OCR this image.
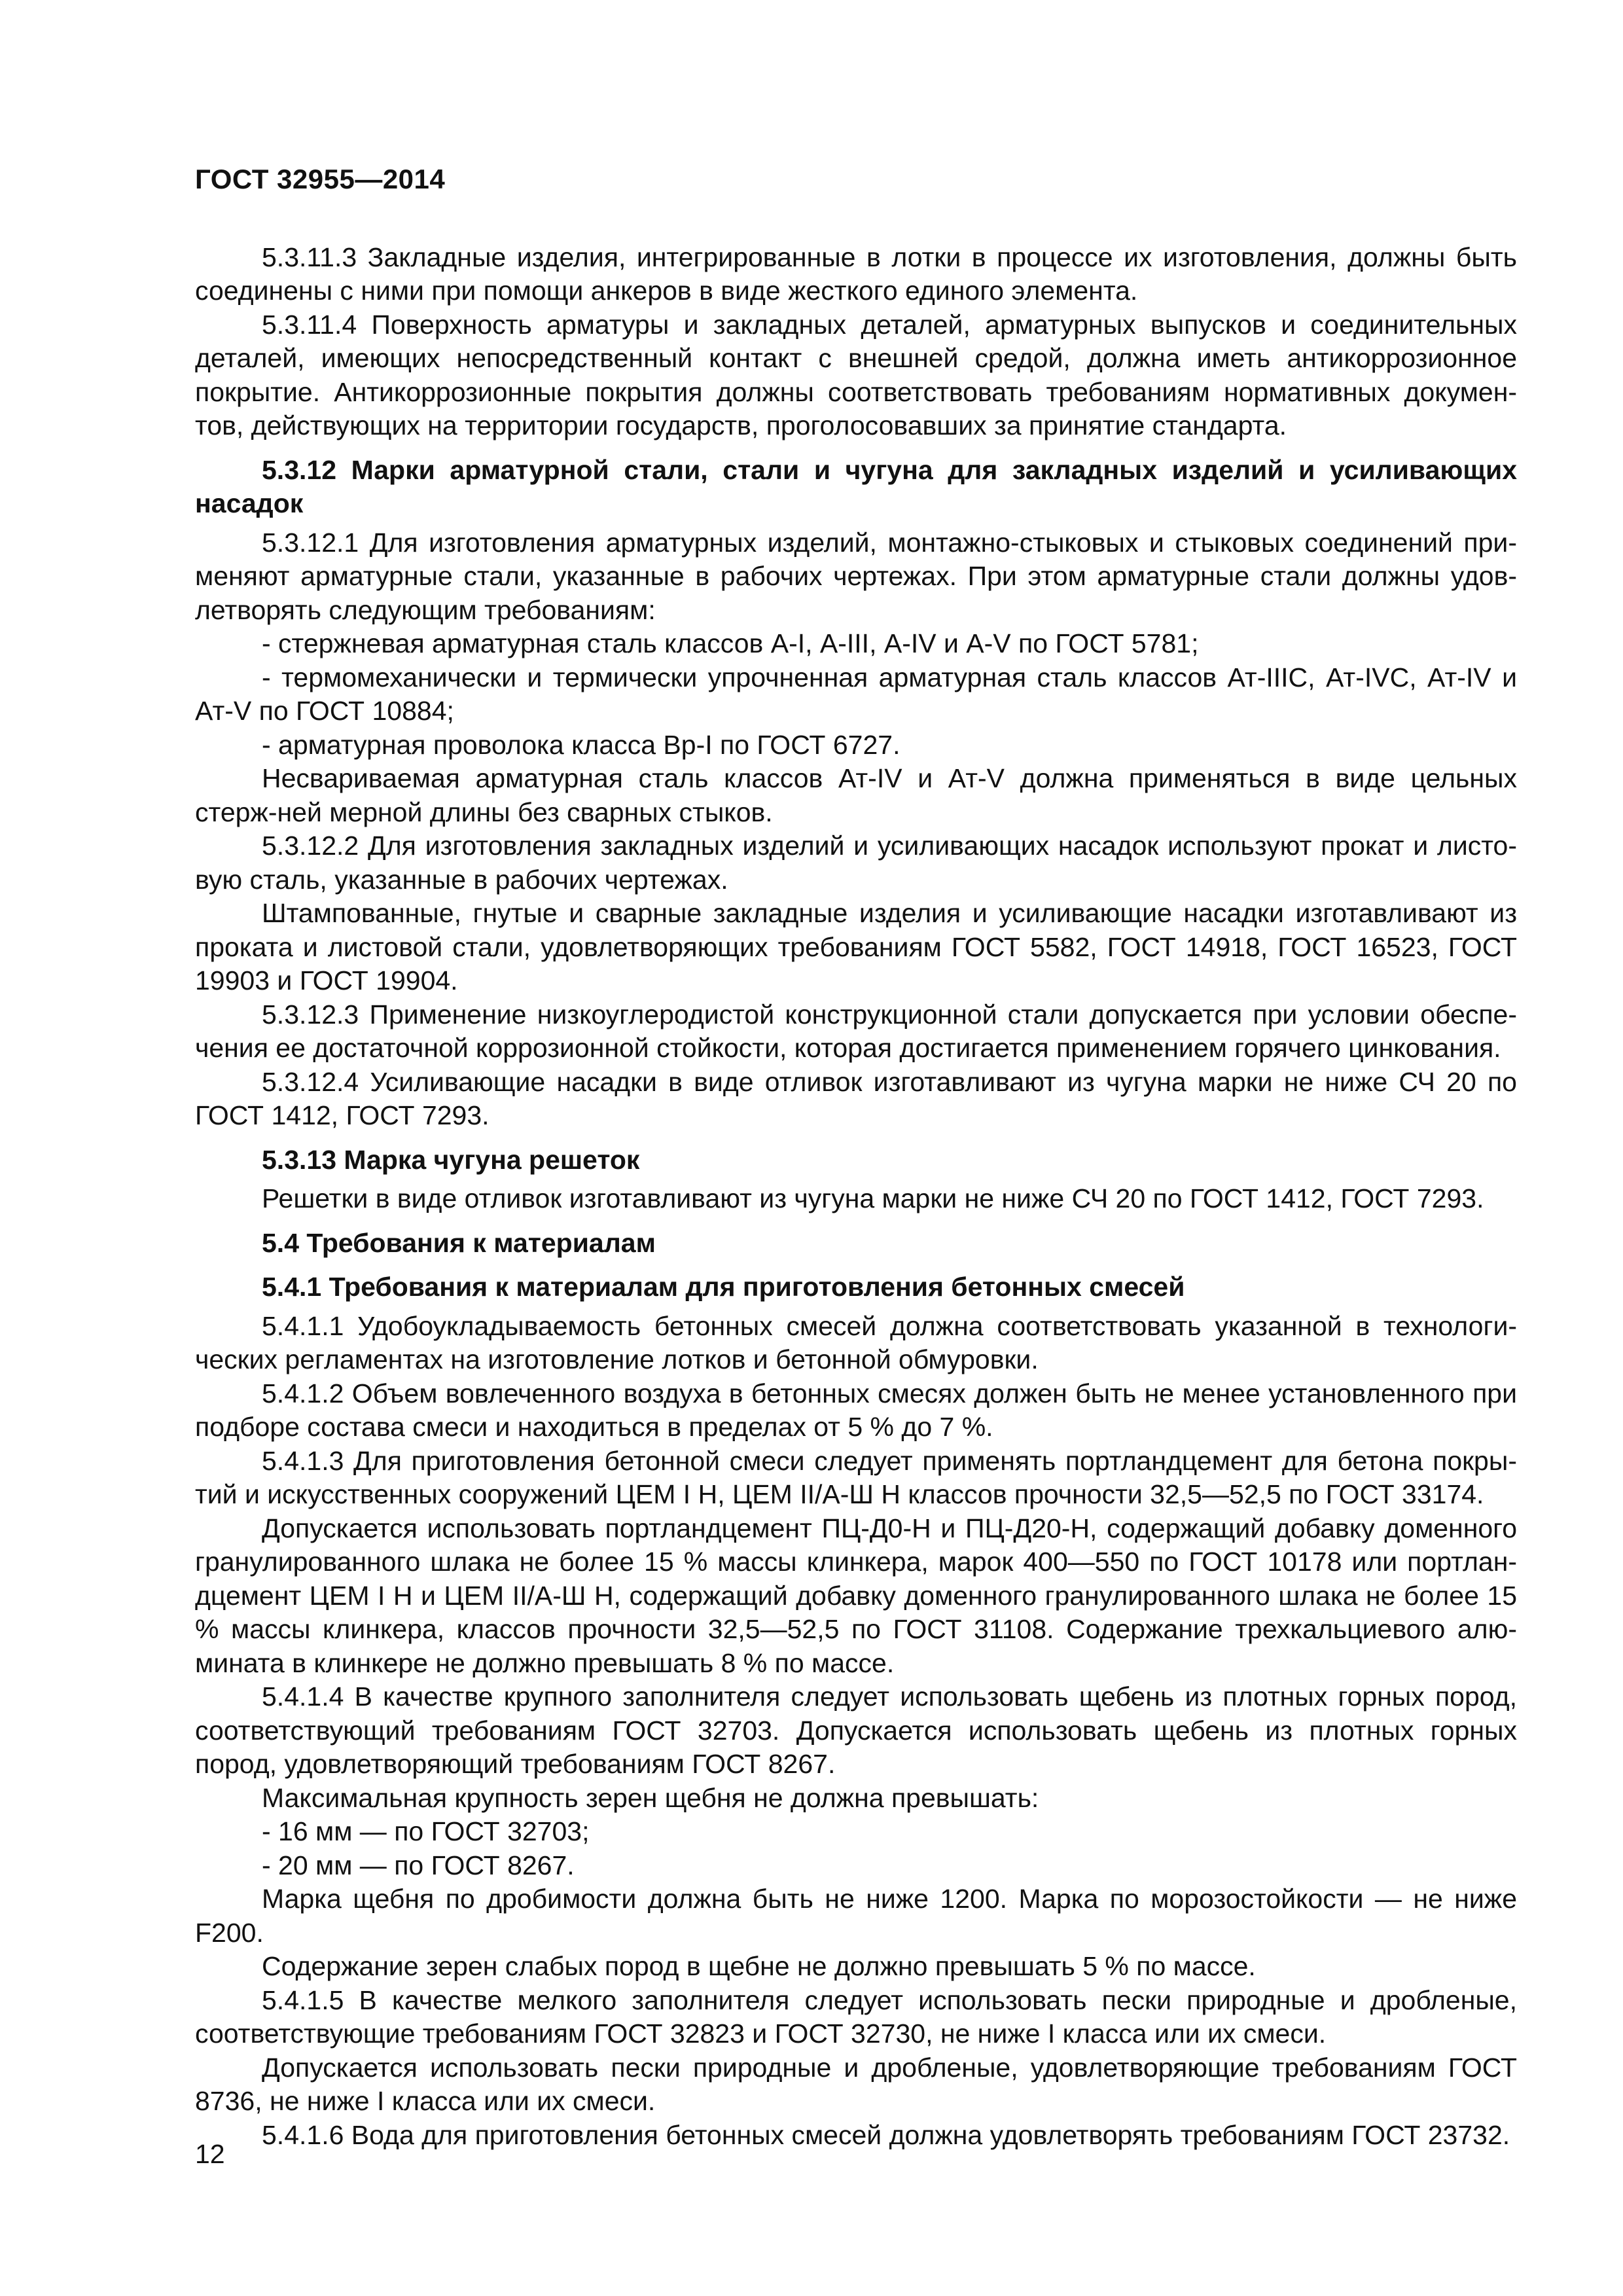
ГОСТ 32955—2014

5.3.11.3 Закладные изделия, интегрированные в лотки в процессе их изготовления, должны быть соединены с ними при помощи анкеров в виде жесткого единого элемента.

5.3.11.4 Поверхность арматуры и закладных деталей, арматурных выпусков и соединительных деталей, имеющих непосредственный контакт с внешней средой, должна иметь антикоррозионное покрытие. Антикоррозионные покрытия должны соответствовать требованиям нормативных докумен-тов, действующих на территории государств, проголосовавших за принятие стандарта.

5.3.12 Марки арматурной стали, стали и чугуна для закладных изделий и усиливающих насадок

5.3.12.1 Для изготовления арматурных изделий, монтажно-стыковых и стыковых соединений при-меняют арматурные стали, указанные в рабочих чертежах. При этом арматурные стали должны удов-летворять следующим требованиям:

- стержневая арматурная сталь классов А-I, А-III, А-IV и А-V по ГОСТ 5781;

- термомеханически и термически упрочненная арматурная сталь классов Ат-IIIС, Ат-IVС, Ат-IV и Ат-V по ГОСТ 10884;

- арматурная проволока класса Вр-I по ГОСТ 6727.

Несвариваемая арматурная сталь классов Ат-IV и Ат-V должна применяться в виде цельных стерж-ней мерной длины без сварных стыков.

5.3.12.2 Для изготовления закладных изделий и усиливающих насадок используют прокат и листо-вую сталь, указанные в рабочих чертежах.

Штампованные, гнутые и сварные закладные изделия и усиливающие насадки изготавливают из проката и листовой стали, удовлетворяющих требованиям ГОСТ 5582, ГОСТ 14918, ГОСТ 16523, ГОСТ 19903 и ГОСТ 19904.

5.3.12.3 Применение низкоуглеродистой конструкционной стали допускается при условии обеспе-чения ее достаточной коррозионной стойкости, которая достигается применением горячего цинкования.

5.3.12.4 Усиливающие насадки в виде отливок изготавливают из чугуна марки не ниже СЧ 20 по ГОСТ 1412, ГОСТ 7293.

5.3.13 Марка чугуна решеток

Решетки в виде отливок изготавливают из чугуна марки не ниже СЧ 20 по ГОСТ 1412, ГОСТ 7293.

5.4 Требования к материалам

5.4.1 Требования к материалам для приготовления бетонных смесей

5.4.1.1 Удобоукладываемость бетонных смесей должна соответствовать указанной в технологи-ческих регламентах на изготовление лотков и бетонной обмуровки.

5.4.1.2 Объем вовлеченного воздуха в бетонных смесях должен быть не менее установленного при подборе состава смеси и находиться в пределах от 5 % до 7 %.

5.4.1.3 Для приготовления бетонной смеси следует применять портландцемент для бетона покры-тий и искусственных сооружений ЦЕМ I Н, ЦЕМ II/А-Ш Н классов прочности 32,5—52,5 по ГОСТ 33174.

Допускается использовать портландцемент ПЦ-Д0-Н и ПЦ-Д20-Н, содержащий добавку доменного гранулированного шлака не более 15 % массы клинкера, марок 400—550 по ГОСТ 10178 или портлан-дцемент ЦЕМ I Н и ЦЕМ II/А-Ш Н, содержащий добавку доменного гранулированного шлака не более 15 % массы клинкера, классов прочности 32,5—52,5 по ГОСТ 31108. Содержание трехкальциевого алю-мината в клинкере не должно превышать 8 % по массе.

5.4.1.4 В качестве крупного заполнителя следует использовать щебень из плотных горных пород, соответствующий требованиям ГОСТ 32703. Допускается использовать щебень из плотных горных пород, удовлетворяющий требованиям ГОСТ 8267.

Максимальная крупность зерен щебня не должна превышать:

- 16 мм — по ГОСТ 32703;

- 20 мм — по ГОСТ 8267.

Марка щебня по дробимости должна быть не ниже 1200. Марка по морозостойкости — не ниже F200.

Содержание зерен слабых пород в щебне не должно превышать 5 % по массе.

5.4.1.5 В качестве мелкого заполнителя следует использовать пески природные и дробленые, соответствующие требованиям ГОСТ 32823 и ГОСТ 32730, не ниже I класса или их смеси.

Допускается использовать пески природные и дробленые, удовлетворяющие требованиям ГОСТ 8736, не ниже I класса или их смеси.

5.4.1.6 Вода для приготовления бетонных смесей должна удовлетворять требованиям ГОСТ 23732.

12
